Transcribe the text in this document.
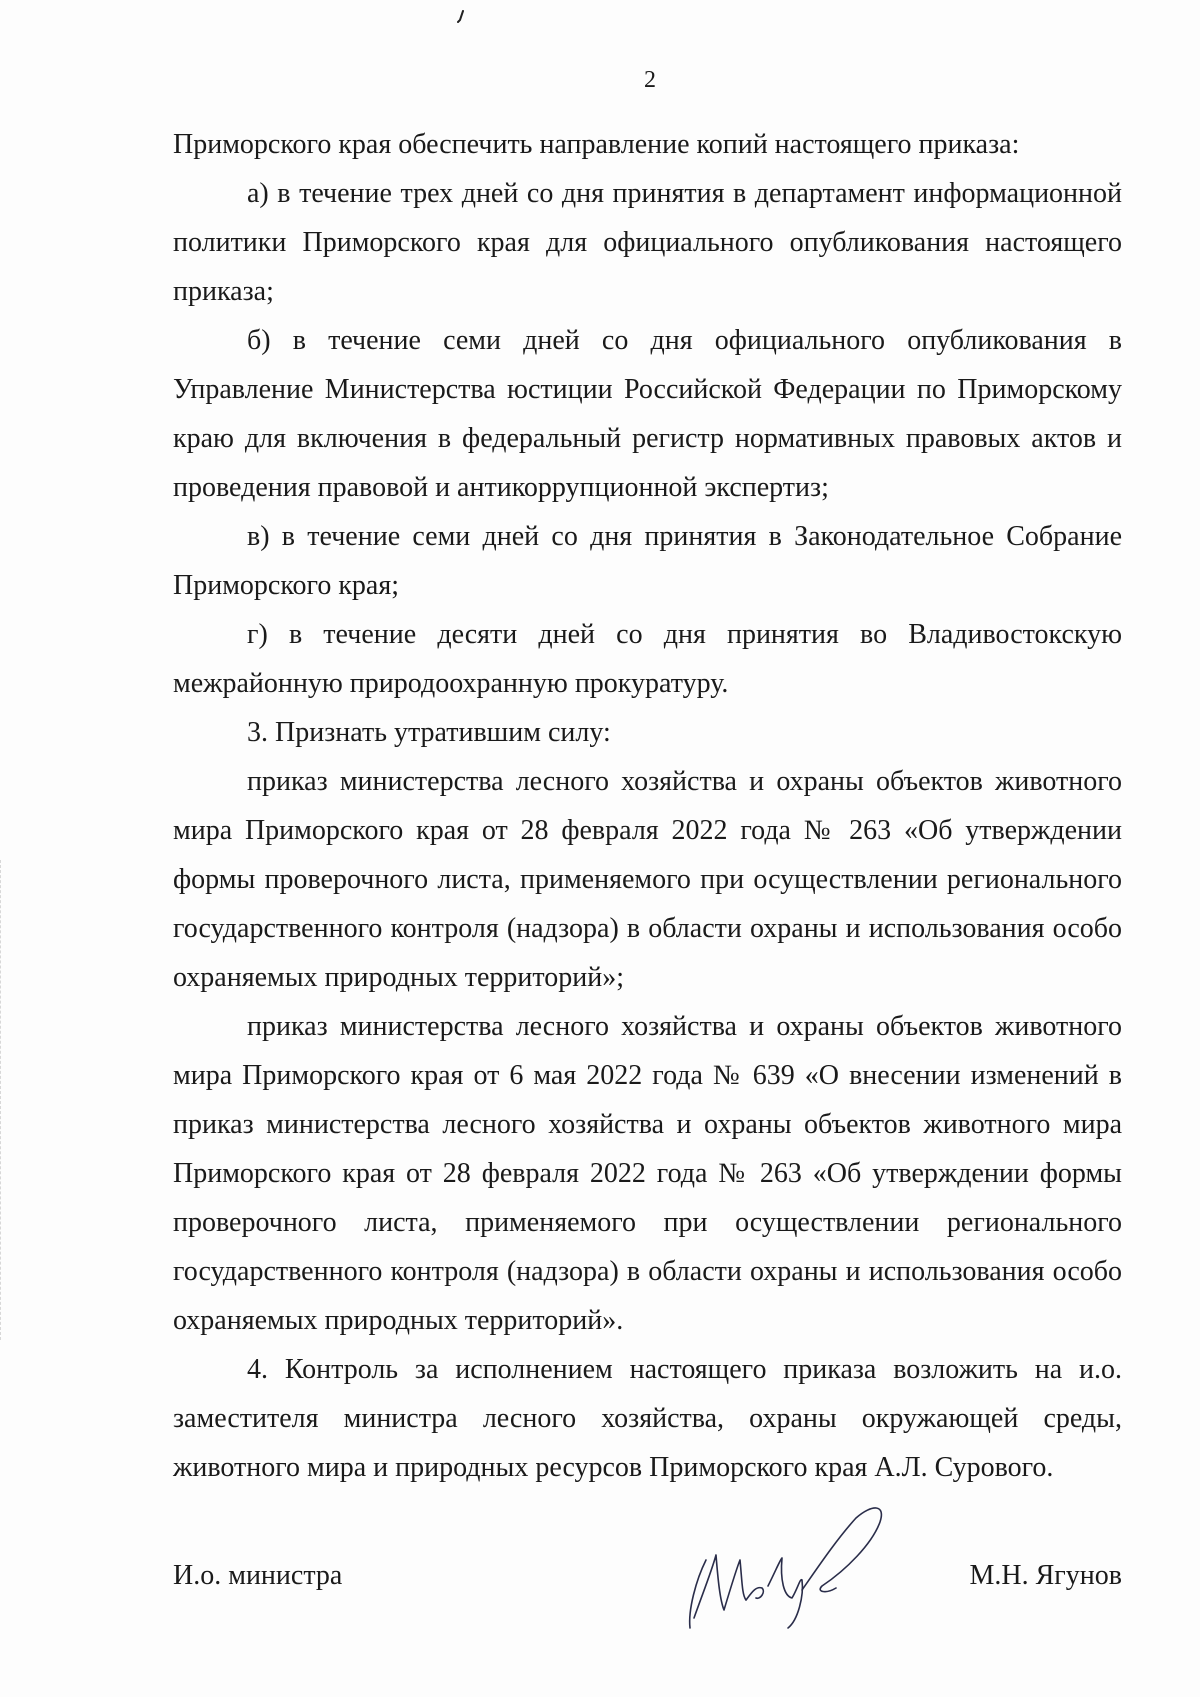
2

Приморского края обеспечить направление копий настоящего приказа:

а) в течение трех дней со дня принятия в департамент информационной политики Приморского края для официального опубликования настоящего приказа;

б) в течение семи дней со дня официального опубликования в Управление Министерства юстиции Российской Федерации по Приморскому краю для включения в федеральный регистр нормативных правовых актов и проведения правовой и антикоррупционной экспертиз;

в) в течение семи дней со дня принятия в Законодательное Собрание Приморского края;

г) в течение десяти дней со дня принятия во Владивостокскую межрайонную природоохранную прокуратуру.

3. Признать утратившим силу:

приказ министерства лесного хозяйства и охраны объектов животного мира Приморского края от 28 февраля 2022 года № 263 «Об утверждении формы проверочного листа, применяемого при осуществлении регионального государственного контроля (надзора) в области охраны и использования особо охраняемых природных территорий»;

приказ министерства лесного хозяйства и охраны объектов животного мира Приморского края от 6 мая 2022 года № 639 «О внесении изменений в приказ министерства лесного хозяйства и охраны объектов животного мира Приморского края от 28 февраля 2022 года № 263 «Об утверждении формы проверочного листа, применяемого при осуществлении регионального государственного контроля (надзора) в области охраны и использования особо охраняемых природных территорий».

4. Контроль за исполнением настоящего приказа возложить на и.о. заместителя министра лесного хозяйства, охраны окружающей среды, животного мира и природных ресурсов Приморского края А.Л. Сурового.

И.о. министра	М.Н. Ягунов
